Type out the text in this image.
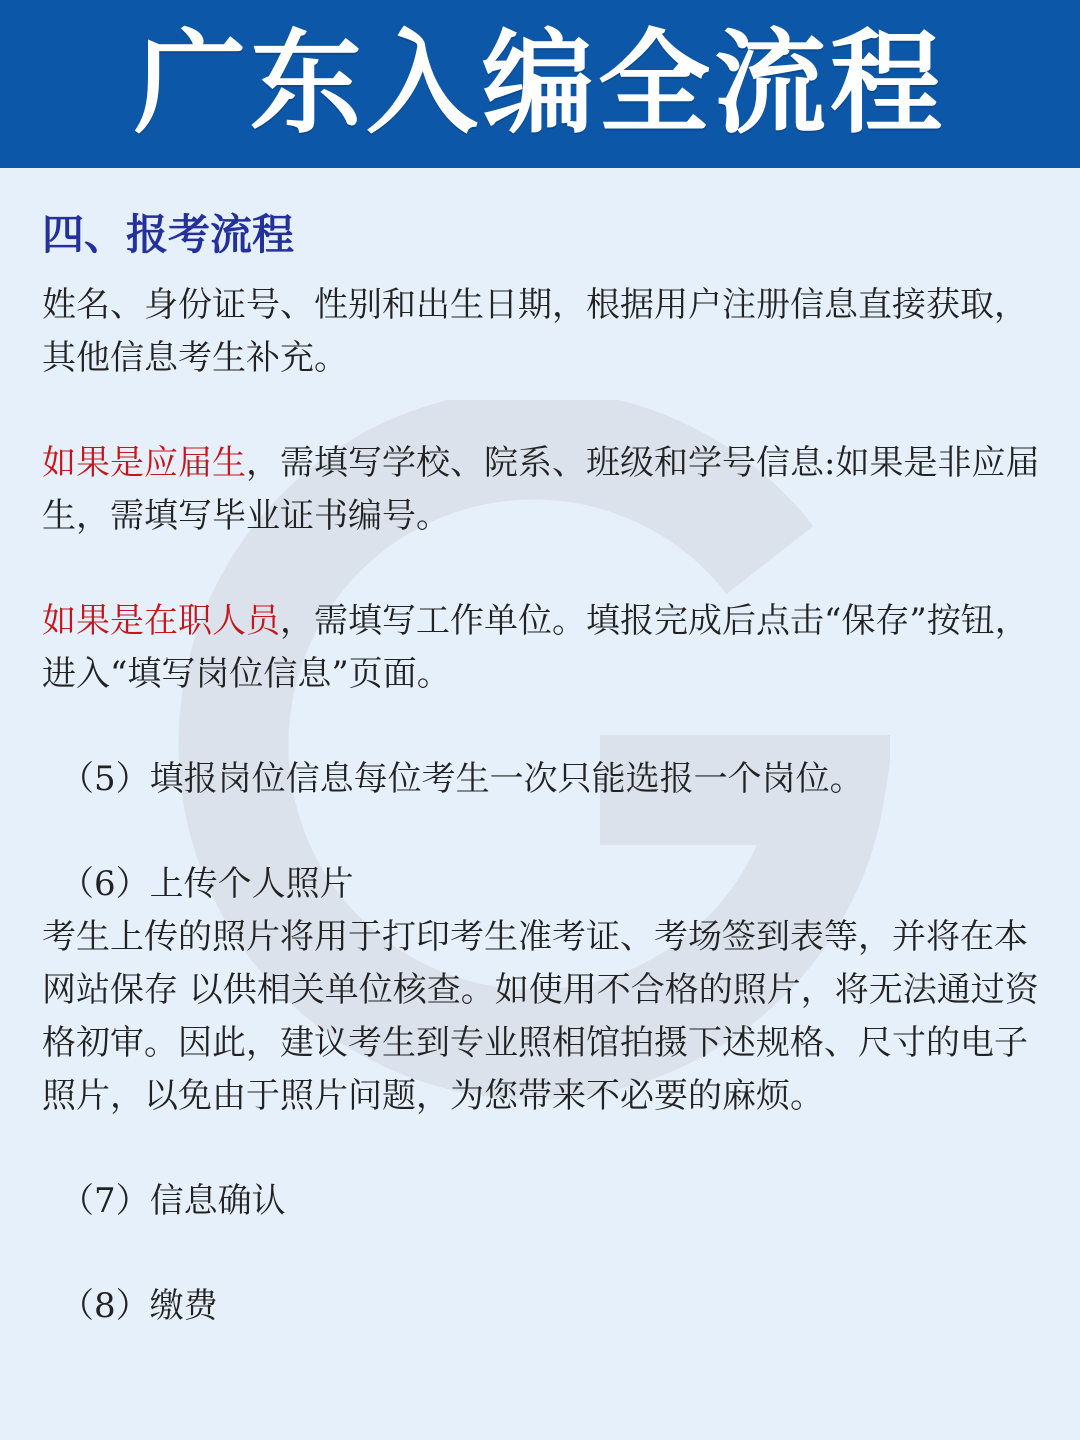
广东入编全流程
四、报考流程

姓名、身份证号、性别和出生日期，根据用户注册信息直接获取，其他信息考生补充。

如果是应届生，需填写学校、院系、班级和学号信息:如果是非应届生，需填写毕业证书编号。

如果是在职人员，需填写工作单位。填报完成后点击“保存”按钮，进入“填写岗位信息”页面。

（5）填报岗位信息每位考生一次只能选报一个岗位。

（6）上传个人照片

考生上传的照片将用于打印考生准考证、考场签到表等，并将在本网站保存 以供相关单位核查。如使用不合格的照片，将无法通过资格初审。因此，建议考生到专业照相馆拍摄下述规格、尺寸的电子照片，以免由于照片问题，为您带来不必要的麻烦。

（7）信息确认

（8）缴费
